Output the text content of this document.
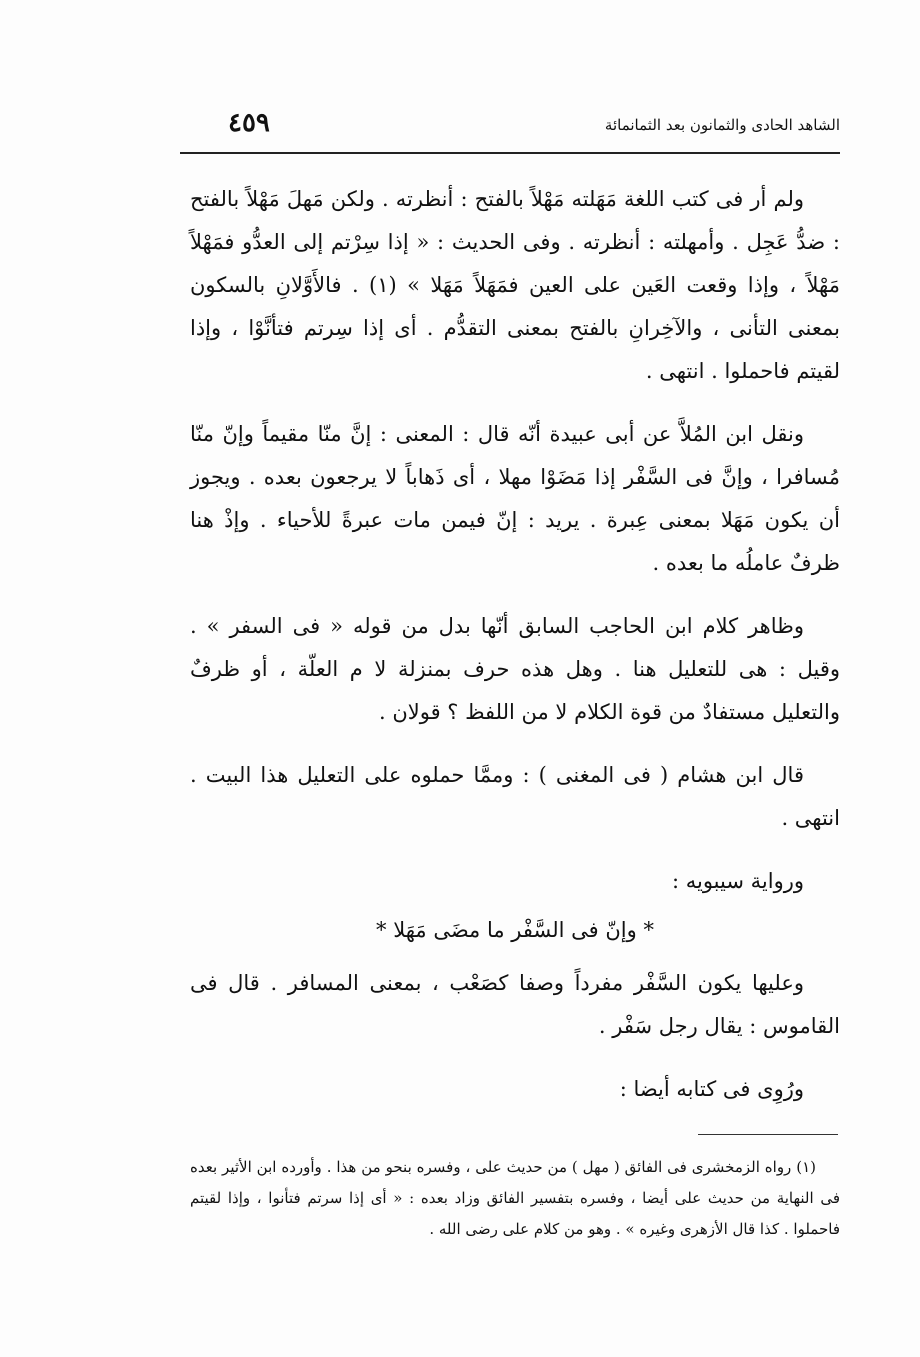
الشاهد الحادى والثمانون بعد الثمانمائة
٤٥٩

ولم أر فى كتب اللغة مَهَلته مَهْلاً بالفتح : أنظرته . ولكن مَهلَ مَهْلاً بالفتح : ضدُّ عَجِل . وأمهلته : أنظرته . وفى الحديث : « إذا سِرْتم إلى العدُّو فمَهْلاً مَهْلاً ، وإذا وقعت العَين على العين فمَهَلاً مَهَلا » (١) . فالأَوَّلانِ بالسكون بمعنى التأنى ، والآخِرانِ بالفتح بمعنى التقدُّم . أى إذا سِرتم فتأنَّوْا ، وإذا لقيتم فاحملوا . انتهى .

ونقل ابن المُلاَّ عن أبى عبيدة أنّه قال : المعنى : إنَّ منّا مقيماً وإنّ منّا مُسافرا ، وإنَّ فى السَّفْر إذا مَضَوْا مهلا ، أى ذَهاباً لا يرجعون بعده . ويجوز أن يكون مَهَلا بمعنى عِبرة . يريد : إنّ فيمن مات عبرةً للأحياء . وإذْ هنا ظرفٌ عاملُه ما بعده .

وظاهر كلام ابن الحاجب السابق أنّها بدل من قوله « فى السفر » . وقيل : هى للتعليل هنا . وهل هذه حرف بمنزلة لا م العلّة ، أو ظرفٌ والتعليل مستفادٌ من قوة الكلام لا من اللفظ ؟ قولان .

قال ابن هشام ( فى المغنى ) : وممَّا حملوه على التعليل هذا البيت . انتهى .

ورواية سيبويه :

* وإنّ فى السَّفْر ما مضَى مَهَلا *

وعليها يكون السَّفْر مفرداً وصفا كصَعْب ، بمعنى المسافر . قال فى القاموس : يقال رجل سَفْر .

ورُوِى فى كتابه أيضا :

(١) رواه الزمخشرى فى الفائق ( مهل ) من حديث على ، وفسره بنحو من هذا . وأورده ابن الأثير بعده فى النهاية من حديث على أيضا ، وفسره بتفسير الفائق وزاد بعده : « أى إذا سرتم فتأنوا ، وإذا لقيتم فاحملوا . كذا قال الأزهرى وغيره » . وهو من كلام على رضى الله .
